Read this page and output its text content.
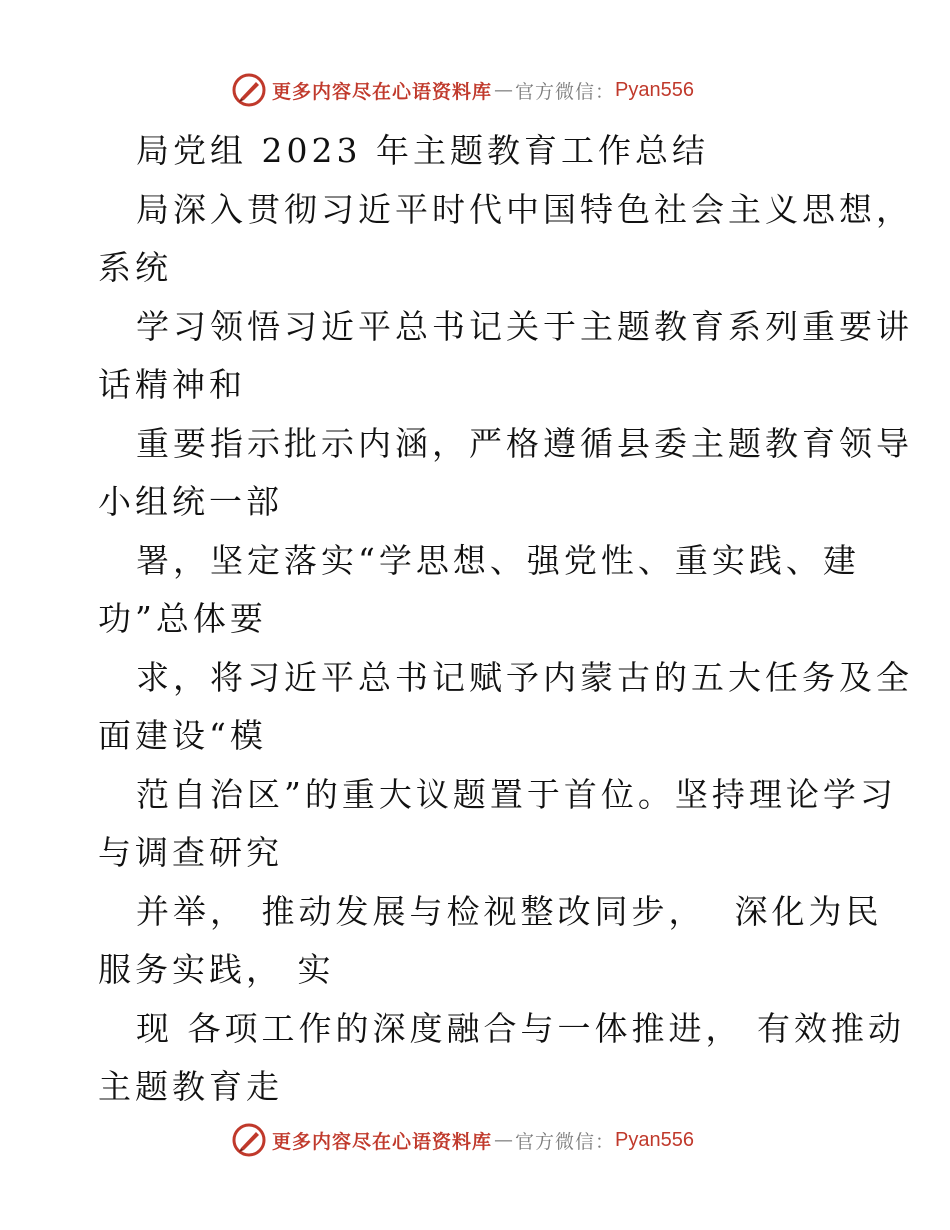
更多内容尽在心语资料库 — 官方微信： Pyan556
局党组 2023 年主题教育工作总结
局深入贯彻习近平时代中国特色社会主义思想，
系统
学习领悟习近平总书记关于主题教育系列重要讲
话精神和
重要指示批示内涵，严格遵循县委主题教育领导
小组统一部
署，坚定落实“学思想、强党性、重实践、建
功”总体要
求，将习近平总书记赋予内蒙古的五大任务及全
面建设“模
范自治区”的重大议题置于首位。坚持理论学习
与调查研究
并举， 推动发展与检视整改同步，  深化为民
服务实践， 实
现 各项工作的深度融合与一体推进， 有效推动
主题教育走
更多内容尽在心语资料库 — 官方微信： Pyan556
